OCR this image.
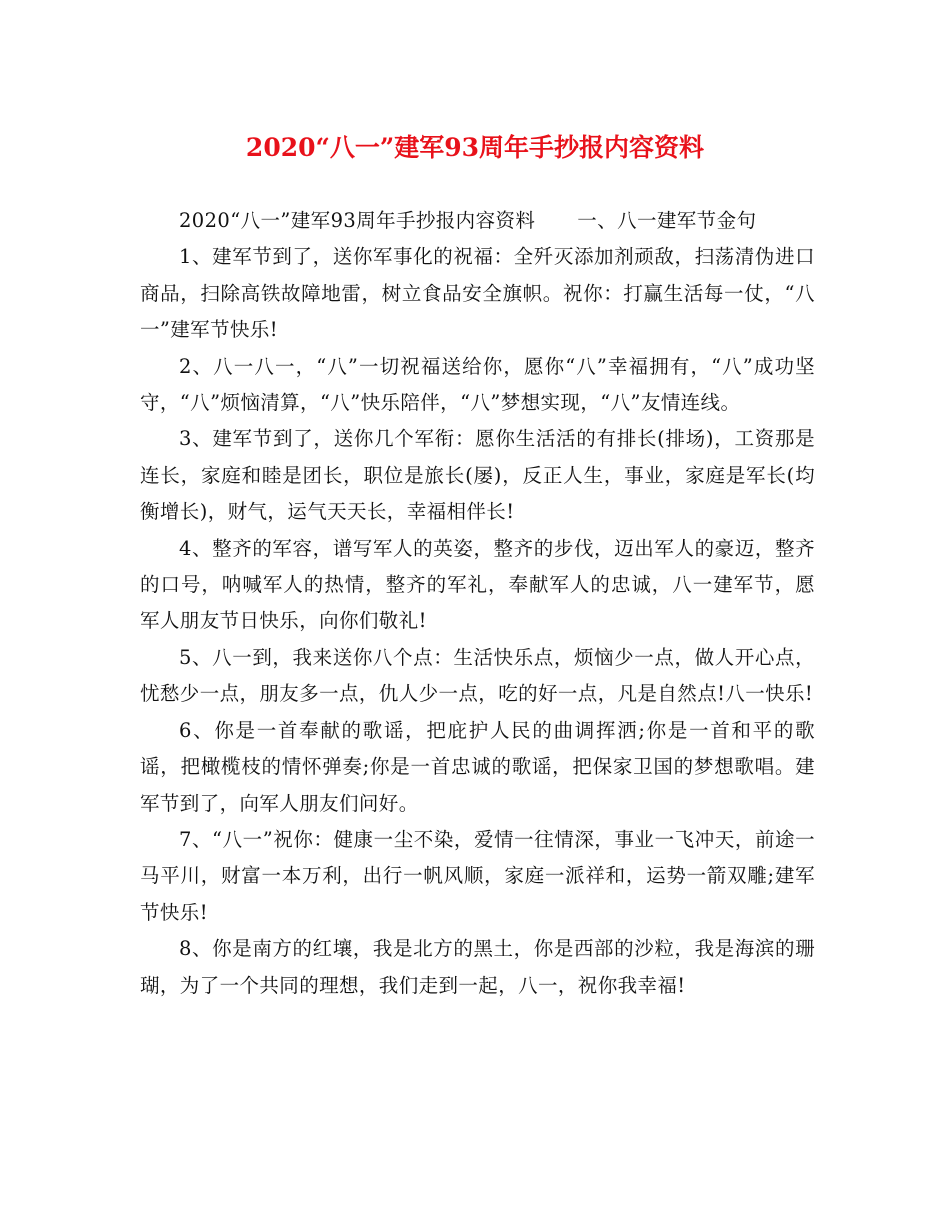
2020“八一”建军93周年手抄报内容资料

2020“八一”建军93周年手抄报内容资料 一、八一建军节金句

1、建军节到了，送你军事化的祝福：全歼灭添加剂顽敌，扫荡清伪进口商品，扫除高铁故障地雷，树立食品安全旗帜。祝你：打赢生活每一仗，“八一”建军节快乐!

2、八一八一，“八”一切祝福送给你，愿你“八”幸福拥有，“八”成功坚守，“八”烦恼清算，“八”快乐陪伴，“八”梦想实现，“八”友情连线。

3、建军节到了，送你几个军衔：愿你生活活的有排长(排场)，工资那是连长，家庭和睦是团长，职位是旅长(屡)，反正人生，事业，家庭是军长(均衡增长)，财气，运气天天长，幸福相伴长!

4、整齐的军容，谱写军人的英姿，整齐的步伐，迈出军人的豪迈，整齐的口号，呐喊军人的热情，整齐的军礼，奉献军人的忠诚，八一建军节，愿军人朋友节日快乐，向你们敬礼!

5、八一到，我来送你八个点：生活快乐点，烦恼少一点，做人开心点，忧愁少一点，朋友多一点，仇人少一点，吃的好一点，凡是自然点!八一快乐!

6、你是一首奉献的歌谣，把庇护人民的曲调挥洒;你是一首和平的歌谣，把橄榄枝的情怀弹奏;你是一首忠诚的歌谣，把保家卫国的梦想歌唱。建军节到了，向军人朋友们问好。

7、“八一”祝你：健康一尘不染，爱情一往情深，事业一飞冲天，前途一马平川，财富一本万利，出行一帆风顺，家庭一派祥和，运势一箭双雕;建军节快乐!

8、你是南方的红壤，我是北方的黑土，你是西部的沙粒，我是海滨的珊瑚，为了一个共同的理想，我们走到一起，八一，祝你我幸福!
